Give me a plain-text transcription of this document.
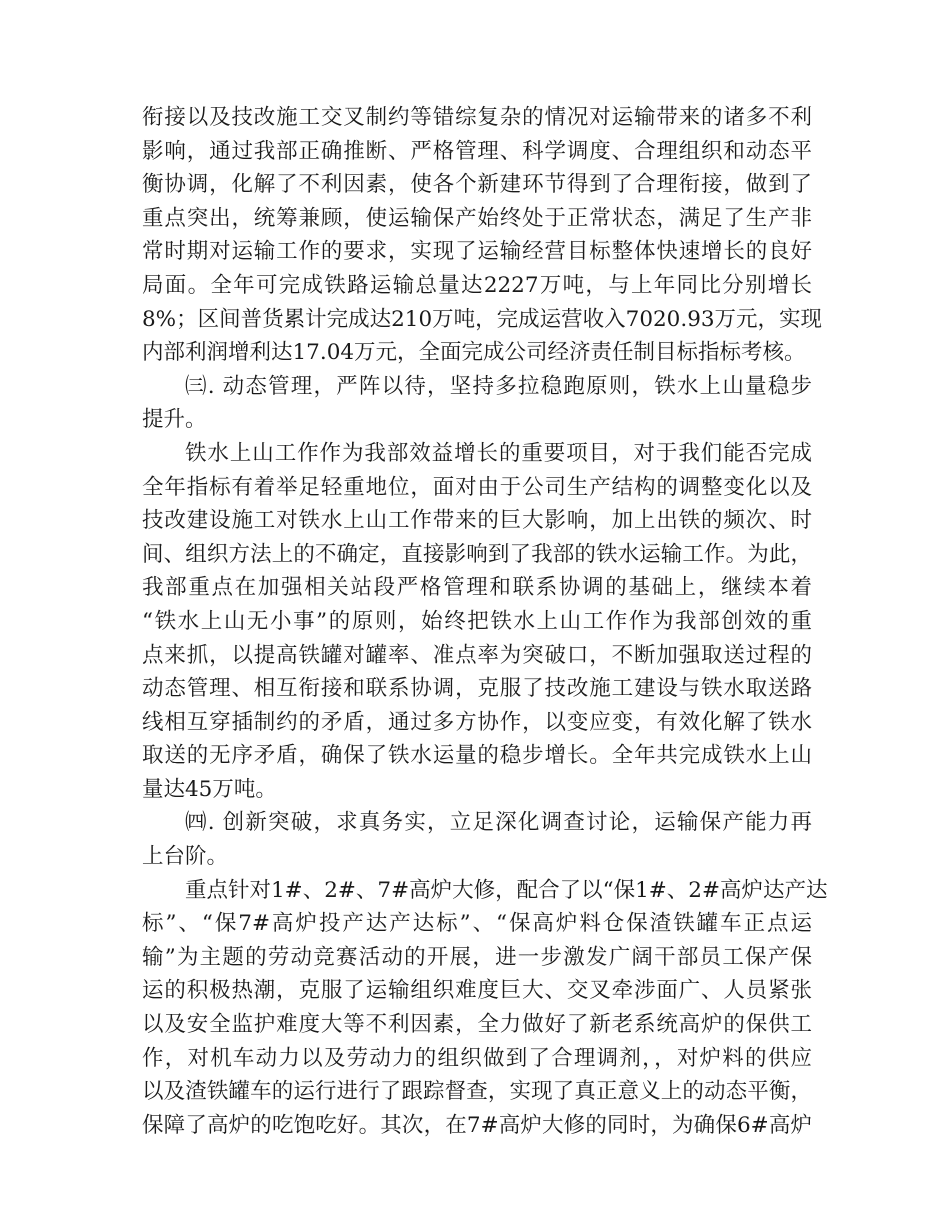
衔接以及技改施工交叉制约等错综复杂的情况对运输带来的诸多不利
影响，通过我部正确推断、严格管理、科学调度、合理组织和动态平
衡协调，化解了不利因素，使各个新建环节得到了合理衔接，做到了
重点突出，统筹兼顾，使运输保产始终处于正常状态，满足了生产非
常时期对运输工作的要求，实现了运输经营目标整体快速增长的良好
局面。全年可完成铁路运输总量达2227万吨，与上年同比分别增长
8%；区间普货累计完成达210万吨，完成运营收入7020.93万元，实现
内部利润增利达17.04万元，全面完成公司经济责任制目标指标考核。

㈢. 动态管理，严阵以待，坚持多拉稳跑原则，铁水上山量稳步
提升。

铁水上山工作作为我部效益增长的重要项目，对于我们能否完成
全年指标有着举足轻重地位，面对由于公司生产结构的调整变化以及
技改建设施工对铁水上山工作带来的巨大影响，加上出铁的频次、时
间、组织方法上的不确定，直接影响到了我部的铁水运输工作。为此，
我部重点在加强相关站段严格管理和联系协调的基础上，继续本着
“铁水上山无小事”的原则，始终把铁水上山工作作为我部创效的重
点来抓，以提高铁罐对罐率、准点率为突破口，不断加强取送过程的
动态管理、相互衔接和联系协调，克服了技改施工建设与铁水取送路
线相互穿插制约的矛盾，通过多方协作，以变应变，有效化解了铁水
取送的无序矛盾，确保了铁水运量的稳步增长。全年共完成铁水上山
量达45万吨。

㈣. 创新突破，求真务实，立足深化调查讨论，运输保产能力再
上台阶。

重点针对1#、2#、7#高炉大修，配合了以“保1#、2#高炉达产达
标”、“保7#高炉投产达产达标”、“保高炉料仓保渣铁罐车正点运
输”为主题的劳动竞赛活动的开展，进一步激发广阔干部员工保产保
运的积极热潮，克服了运输组织难度巨大、交叉牵涉面广、人员紧张
以及安全监护难度大等不利因素，全力做好了新老系统高炉的保供工
作，对机车动力以及劳动力的组织做到了合理调剂，，对炉料的供应
以及渣铁罐车的运行进行了跟踪督查，实现了真正意义上的动态平衡，
保障了高炉的吃饱吃好。其次，在7#高炉大修的同时，为确保6#高炉
